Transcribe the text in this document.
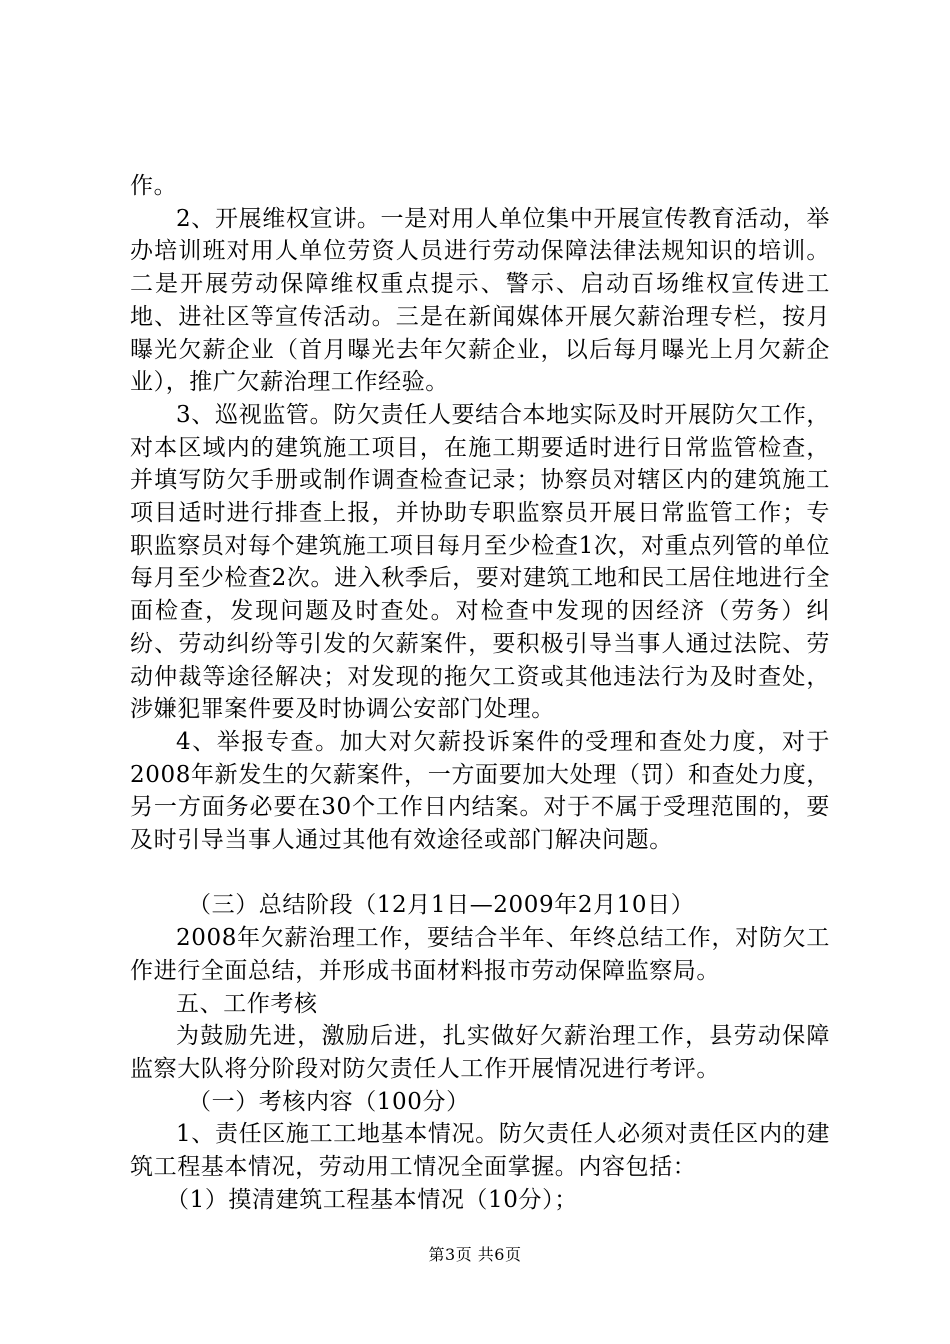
作。

2、开展维权宣讲。一是对用人单位集中开展宣传教育活动，举办培训班对用人单位劳资人员进行劳动保障法律法规知识的培训。二是开展劳动保障维权重点提示、警示、启动百场维权宣传进工地、进社区等宣传活动。三是在新闻媒体开展欠薪治理专栏，按月曝光欠薪企业（首月曝光去年欠薪企业，以后每月曝光上月欠薪企业），推广欠薪治理工作经验。

3、巡视监管。防欠责任人要结合本地实际及时开展防欠工作，对本区域内的建筑施工项目，在施工期要适时进行日常监管检查，并填写防欠手册或制作调查检查记录；协察员对辖区内的建筑施工项目适时进行排查上报，并协助专职监察员开展日常监管工作；专职监察员对每个建筑施工项目每月至少检查1次，对重点列管的单位每月至少检查2次。进入秋季后，要对建筑工地和民工居住地进行全面检查，发现问题及时查处。对检查中发现的因经济（劳务）纠纷、劳动纠纷等引发的欠薪案件，要积极引导当事人通过法院、劳动仲裁等途径解决；对发现的拖欠工资或其他违法行为及时查处，涉嫌犯罪案件要及时协调公安部门处理。

4、举报专查。加大对欠薪投诉案件的受理和查处力度，对于2008年新发生的欠薪案件，一方面要加大处理（罚）和查处力度，另一方面务必要在30个工作日内结案。对于不属于受理范围的，要及时引导当事人通过其他有效途径或部门解决问题。

（三）总结阶段（12月1日—2009年2月10日）

2008年欠薪治理工作，要结合半年、年终总结工作，对防欠工作进行全面总结，并形成书面材料报市劳动保障监察局。

五、工作考核

为鼓励先进，激励后进，扎实做好欠薪治理工作，县劳动保障监察大队将分阶段对防欠责任人工作开展情况进行考评。

（一）考核内容（100分）

1、责任区施工工地基本情况。防欠责任人必须对责任区内的建筑工程基本情况，劳动用工情况全面掌握。内容包括：

（1）摸清建筑工程基本情况（10分）；

第3页 共6页
